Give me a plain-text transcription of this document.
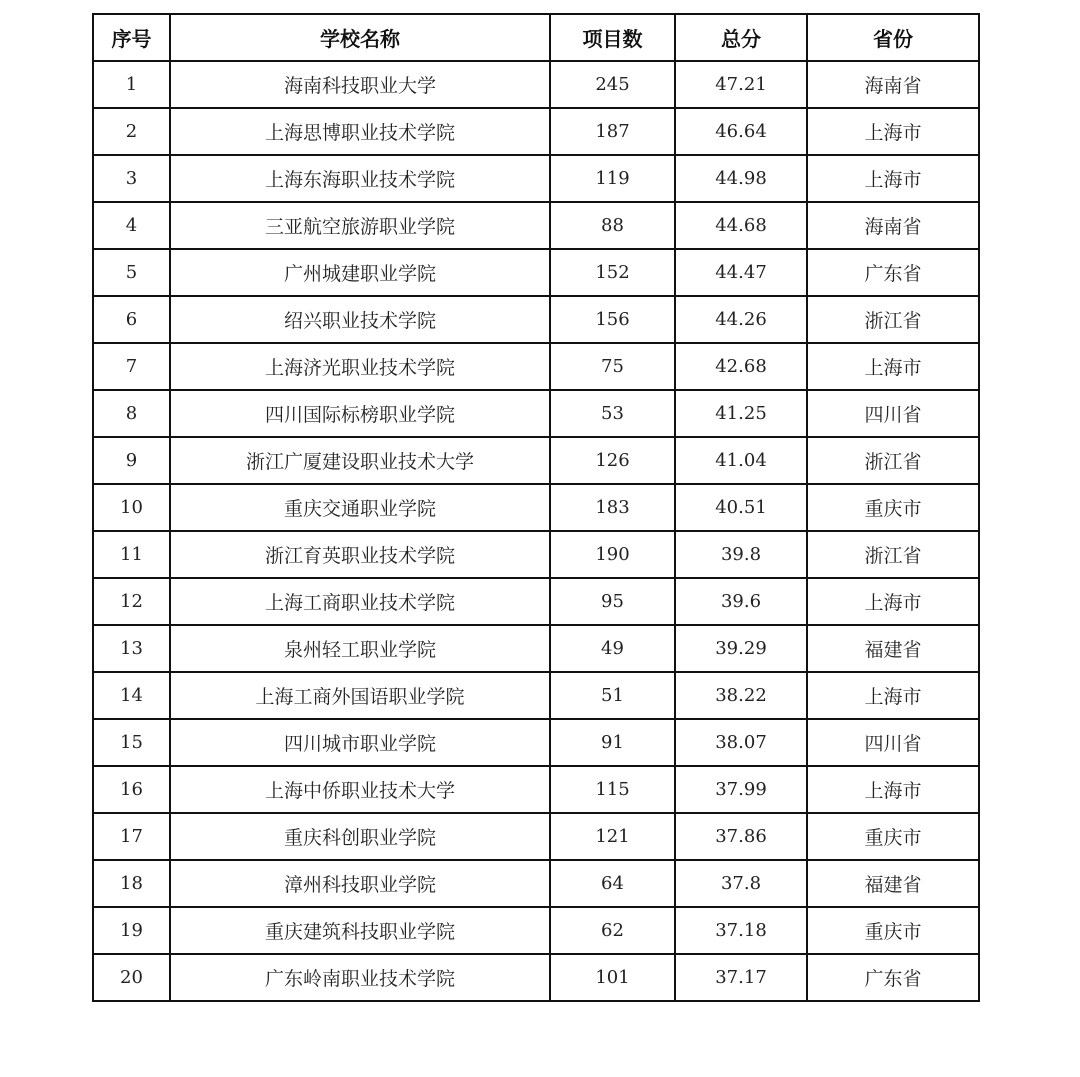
序号	学校名称	项目数	总分	省份
1	海南科技职业大学	245	47.21	海南省
2	上海思博职业技术学院	187	46.64	上海市
3	上海东海职业技术学院	119	44.98	上海市
4	三亚航空旅游职业学院	88	44.68	海南省
5	广州城建职业学院	152	44.47	广东省
6	绍兴职业技术学院	156	44.26	浙江省
7	上海济光职业技术学院	75	42.68	上海市
8	四川国际标榜职业学院	53	41.25	四川省
9	浙江广厦建设职业技术大学	126	41.04	浙江省
10	重庆交通职业学院	183	40.51	重庆市
11	浙江育英职业技术学院	190	39.8	浙江省
12	上海工商职业技术学院	95	39.6	上海市
13	泉州轻工职业学院	49	39.29	福建省
14	上海工商外国语职业学院	51	38.22	上海市
15	四川城市职业学院	91	38.07	四川省
16	上海中侨职业技术大学	115	37.99	上海市
17	重庆科创职业学院	121	37.86	重庆市
18	漳州科技职业学院	64	37.8	福建省
19	重庆建筑科技职业学院	62	37.18	重庆市
20	广东岭南职业技术学院	101	37.17	广东省
